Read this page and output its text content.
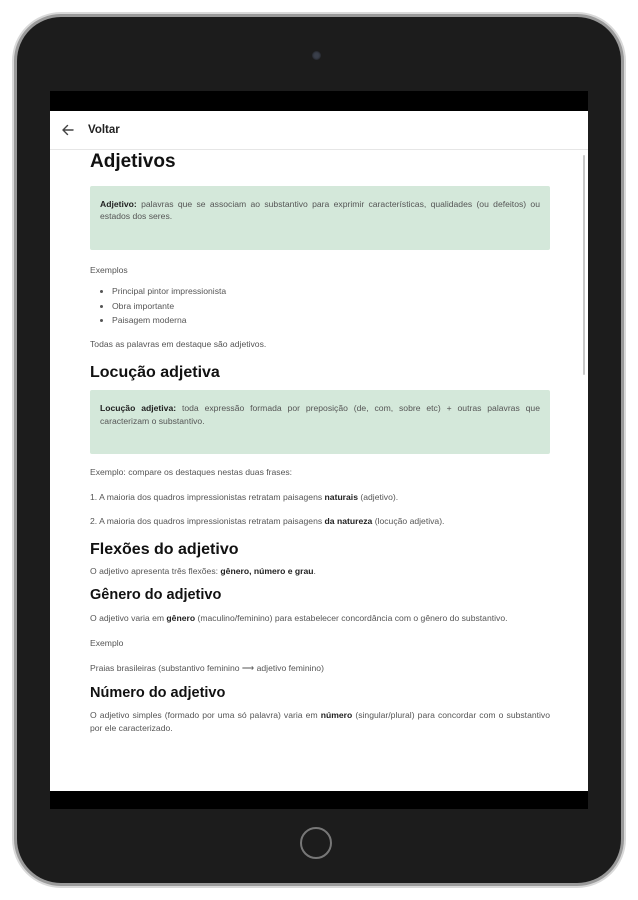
Voltar
Adjetivos
Adjetivo: palavras que se associam ao substantivo para exprimir características, qualidades (ou defeitos) ou estados dos seres.

Exemplos

• Principal pintor impressionista
• Obra importante
• Paisagem moderna

Todas as palavras em destaque são adjetivos.

Locução adjetiva
Locução adjetiva: toda expressão formada por preposição (de, com, sobre etc) + outras palavras que caracterizam o substantivo.

Exemplo: compare os destaques nestas duas frases:

1. A maioria dos quadros impressionistas retratam paisagens naturais (adjetivo).

2. A maioria dos quadros impressionistas retratam paisagens da natureza (locução adjetiva).

Flexões do adjetivo

O adjetivo apresenta três flexões: gênero, número e grau.

Gênero do adjetivo

O adjetivo varia em gênero (maculino/feminino) para estabelecer concordância com o gênero do substantivo.

Exemplo

Praias brasileiras (substantivo feminino ⟶ adjetivo feminino)

Número do adjetivo

O adjetivo simples (formado por uma só palavra) varia em número (singular/plural) para concordar com o substantivo por ele caracterizado.
